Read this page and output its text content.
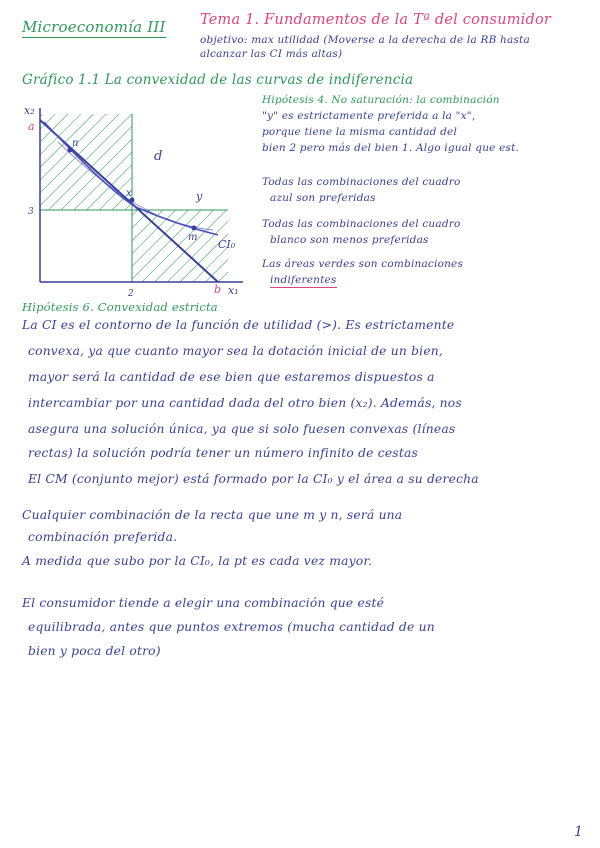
Microeconomía III Tema 1. Fundamentos de la Tª del consumidor
objetivo: max utilidad (Moverse a la derecha de la RB hasta
alcanzar las CI más altas)
Gráfico 1.1 La convexidad de las curvas de indiferencia
x₂
a
n
x	y
m
CI₀
3
2
d
b x₁
Hipótesis 4. No saturación: la combinación
"y" es estrictamente preferida a la "x",
porque tiene la misma cantidad del
bien 2 pero más del bien 1. Algo igual que est.
Todas las combinaciones del cuadro
azul son preferidas
Todas las combinaciones del cuadro
blanco son menos preferidas
Las áreas verdes son combinaciones
indiferentes
Hipótesis 6. Convexidad estricta
La CI es el contorno de la función de utilidad (>). Es estrictamente
convexa, ya que cuanto mayor sea la dotación inicial de un bien,
mayor será la cantidad de ese bien que estaremos dispuestos a
intercambiar por una cantidad dada del otro bien (x₂). Además, nos
asegura una solución única, ya que si solo fuesen convexas (líneas
rectas) la solución podría tener un número infinito de cestas
El CM (conjunto mejor) está formado por la CI₀ y el área a su derecha
Cualquier combinación de la recta que une m y n, será una
combinación preferida.
A medida que subo por la CI₀, la pt es cada vez mayor.
El consumidor tiende a elegir una combinación que esté
equilibrada, antes que puntos extremos (mucha cantidad de un
bien y poca del otro)
1
